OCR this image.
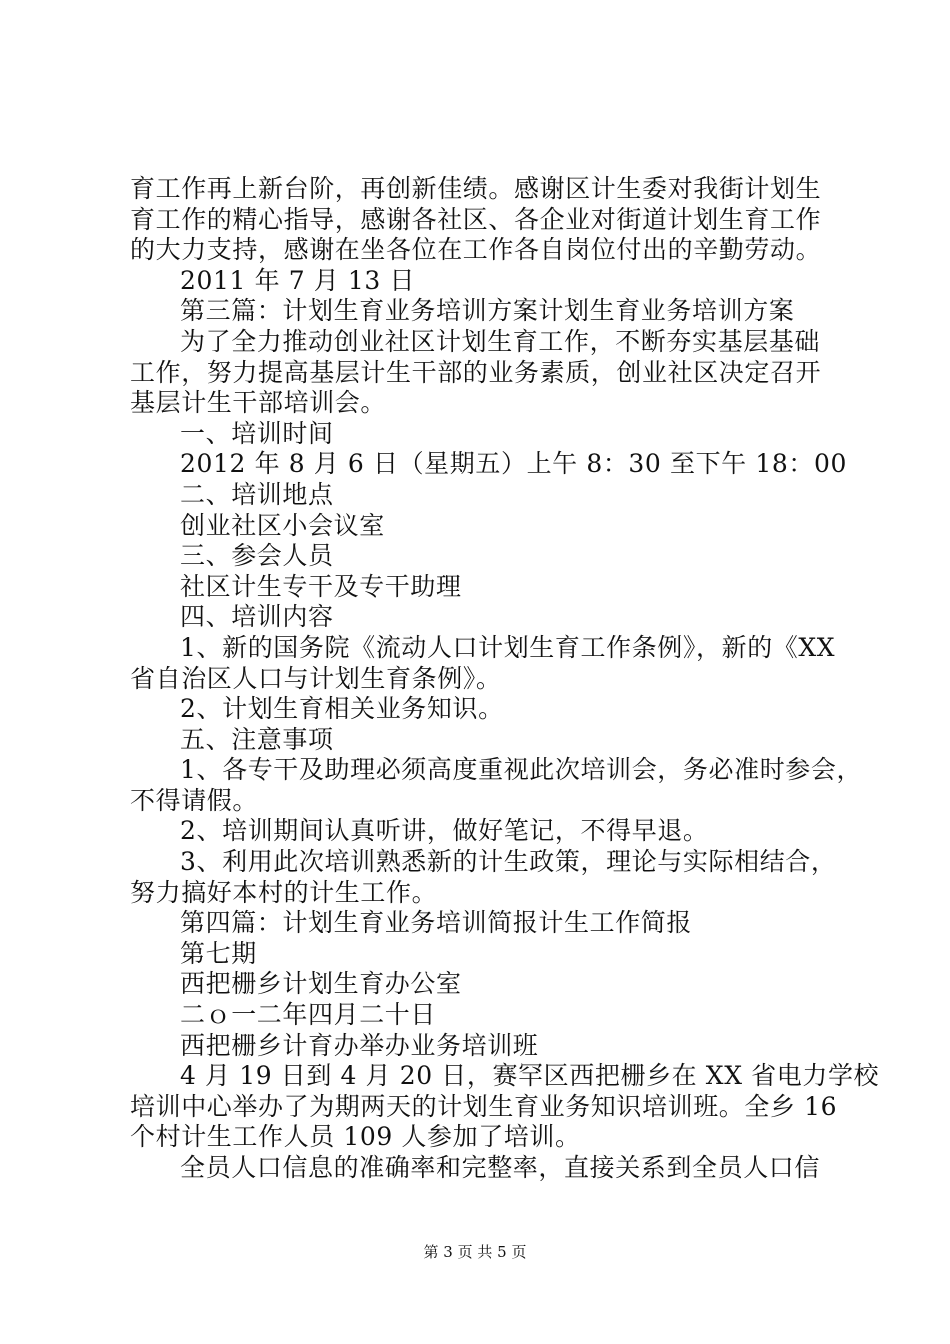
育工作再上新台阶，再创新佳绩。感谢区计生委对我街计划生
育工作的精心指导，感谢各社区、各企业对街道计划生育工作
的大力支持，感谢在坐各位在工作各自岗位付出的辛勤劳动。
2011 年 7 月 13 日
第三篇：计划生育业务培训方案计划生育业务培训方案
为了全力推动创业社区计划生育工作，不断夯实基层基础
工作，努力提高基层计生干部的业务素质，创业社区决定召开
基层计生干部培训会。
一、培训时间
2012 年 8 月 6 日（星期五）上午 8：30 至下午 18：00
二、培训地点
创业社区小会议室
三、参会人员
社区计生专干及专干助理
四、培训内容
1、新的国务院《流动人口计划生育工作条例》，新的《XX
省自治区人口与计划生育条例》。
2、计划生育相关业务知识。
五、注意事项
1、各专干及助理必须高度重视此次培训会，务必准时参会，
不得请假。
2、培训期间认真听讲，做好笔记，不得早退。
3、利用此次培训熟悉新的计生政策，理论与实际相结合，
努力搞好本村的计生工作。
第四篇：计划生育业务培训简报计生工作简报
第七期
西把栅乡计划生育办公室
二ｏ一二年四月二十日
西把栅乡计育办举办业务培训班
4 月 19 日到 4 月 20 日，赛罕区西把栅乡在 XX 省电力学校
培训中心举办了为期两天的计划生育业务知识培训班。全乡 16
个村计生工作人员 109 人参加了培训。
全员人口信息的准确率和完整率，直接关系到全员人口信
第 3 页 共 5 页
